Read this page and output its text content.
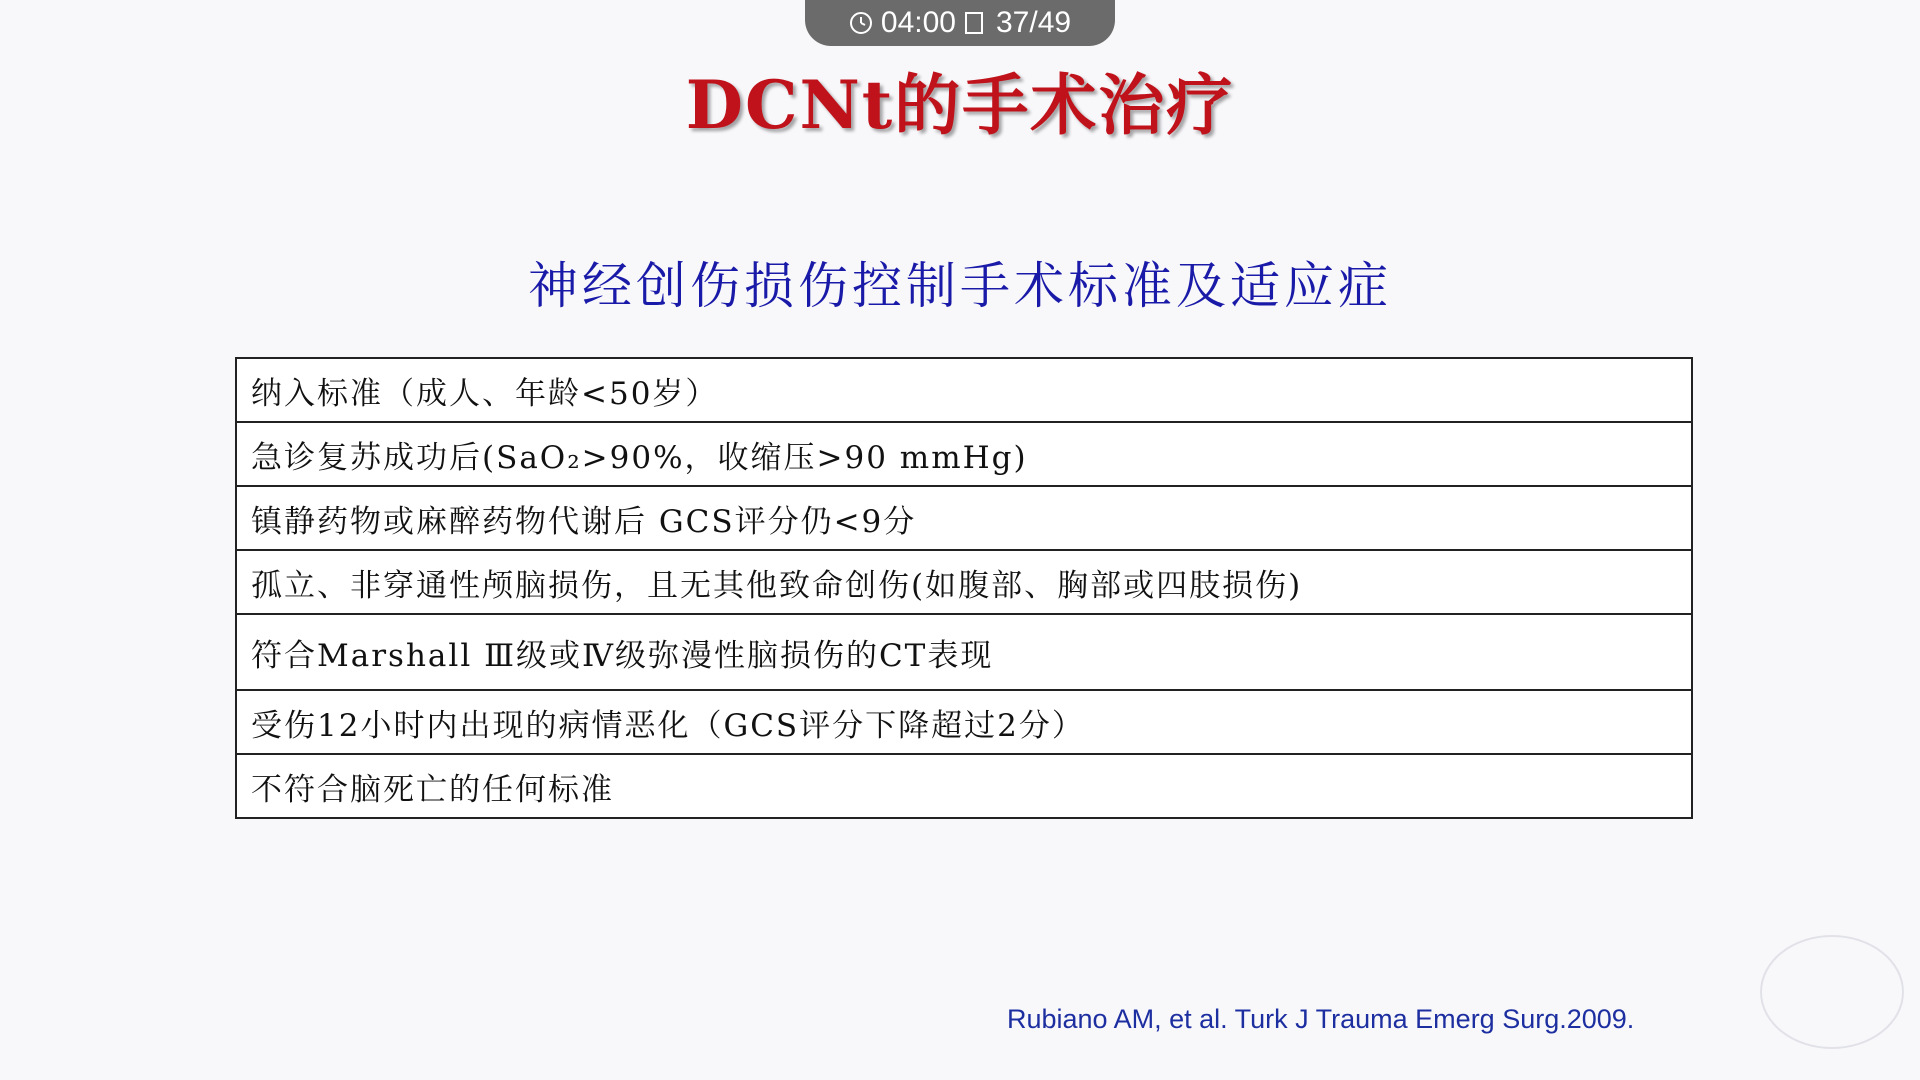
04:00 37/49
DCNt的手术治疗
神经创伤损伤控制手术标准及适应症
纳入标准（成人、年龄<50岁）
急诊复苏成功后(SaO₂>90%，收缩压>90 mmHg)
镇静药物或麻醉药物代谢后 GCS评分仍<9分
孤立、非穿通性颅脑损伤，且无其他致命创伤(如腹部、胸部或四肢损伤)
符合Marshall Ⅲ级或Ⅳ级弥漫性脑损伤的CT表现
受伤12小时内出现的病情恶化（GCS评分下降超过2分）
不符合脑死亡的任何标准
Rubiano AM, et al. Turk J Trauma Emerg Surg.2009.
